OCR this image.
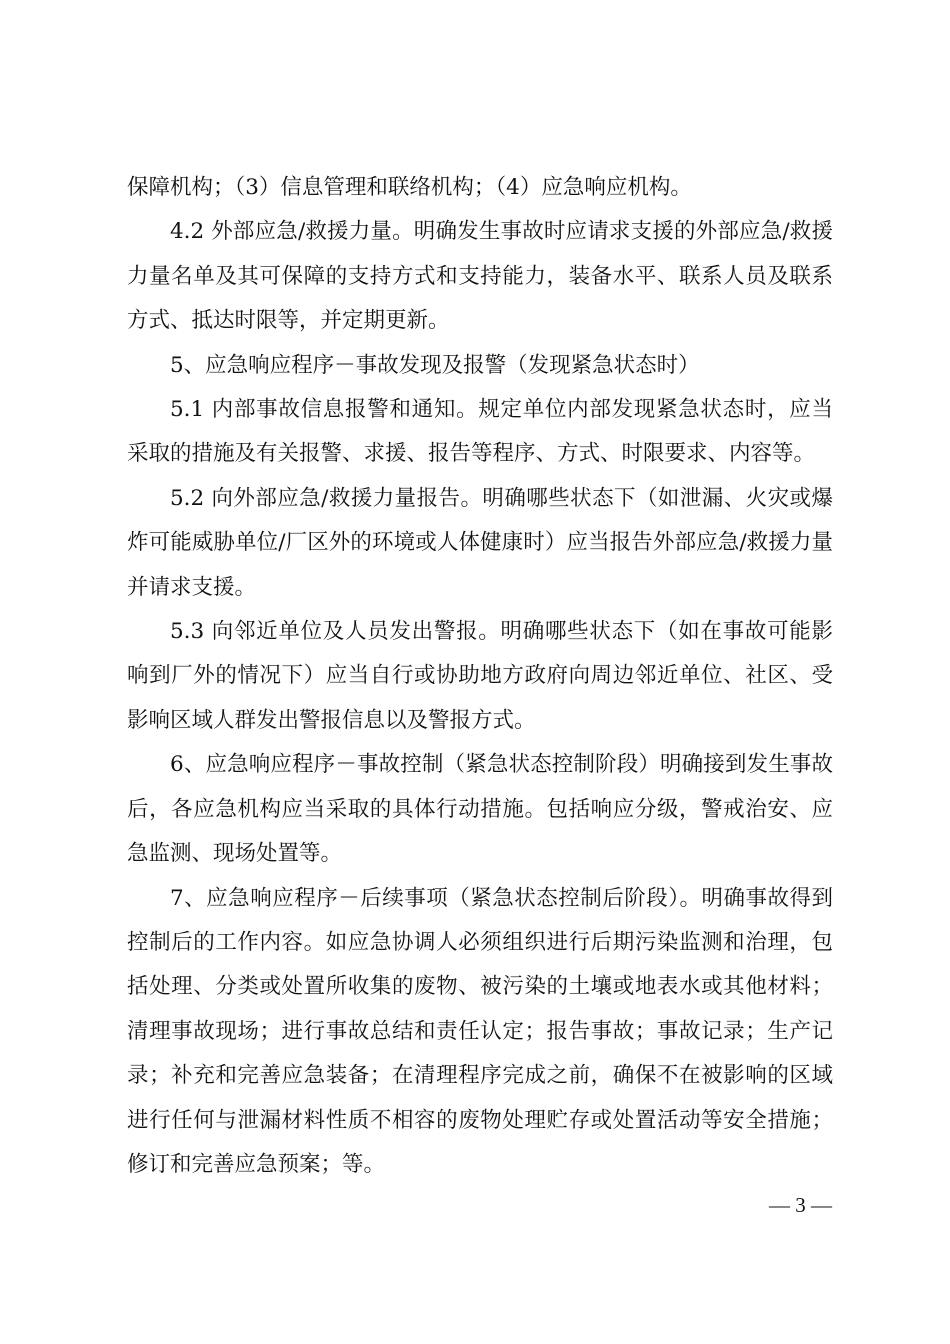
保障机构；（3）信息管理和联络机构；（4）应急响应机构。

4.2 外部应急/救援力量。明确发生事故时应请求支援的外部应急/救援力量名单及其可保障的支持方式和支持能力，装备水平、联系人员及联系方式、抵达时限等，并定期更新。

5、应急响应程序－事故发现及报警（发现紧急状态时）

5.1 内部事故信息报警和通知。规定单位内部发现紧急状态时，应当采取的措施及有关报警、求援、报告等程序、方式、时限要求、内容等。

5.2 向外部应急/救援力量报告。明确哪些状态下（如泄漏、火灾或爆炸可能威胁单位/厂区外的环境或人体健康时）应当报告外部应急/救援力量并请求支援。

5.3 向邻近单位及人员发出警报。明确哪些状态下（如在事故可能影响到厂外的情况下）应当自行或协助地方政府向周边邻近单位、社区、受影响区域人群发出警报信息以及警报方式。

6、应急响应程序－事故控制（紧急状态控制阶段）明确接到发生事故后，各应急机构应当采取的具体行动措施。包括响应分级，警戒治安、应急监测、现场处置等。

7、应急响应程序－后续事项（紧急状态控制后阶段）。明确事故得到控制后的工作内容。如应急协调人必须组织进行后期污染监测和治理，包括处理、分类或处置所收集的废物、被污染的土壤或地表水或其他材料；清理事故现场；进行事故总结和责任认定；报告事故；事故记录；生产记录；补充和完善应急装备；在清理程序完成之前，确保不在被影响的区域进行任何与泄漏材料性质不相容的废物处理贮存或处置活动等安全措施；修订和完善应急预案；等。

— 3 —
